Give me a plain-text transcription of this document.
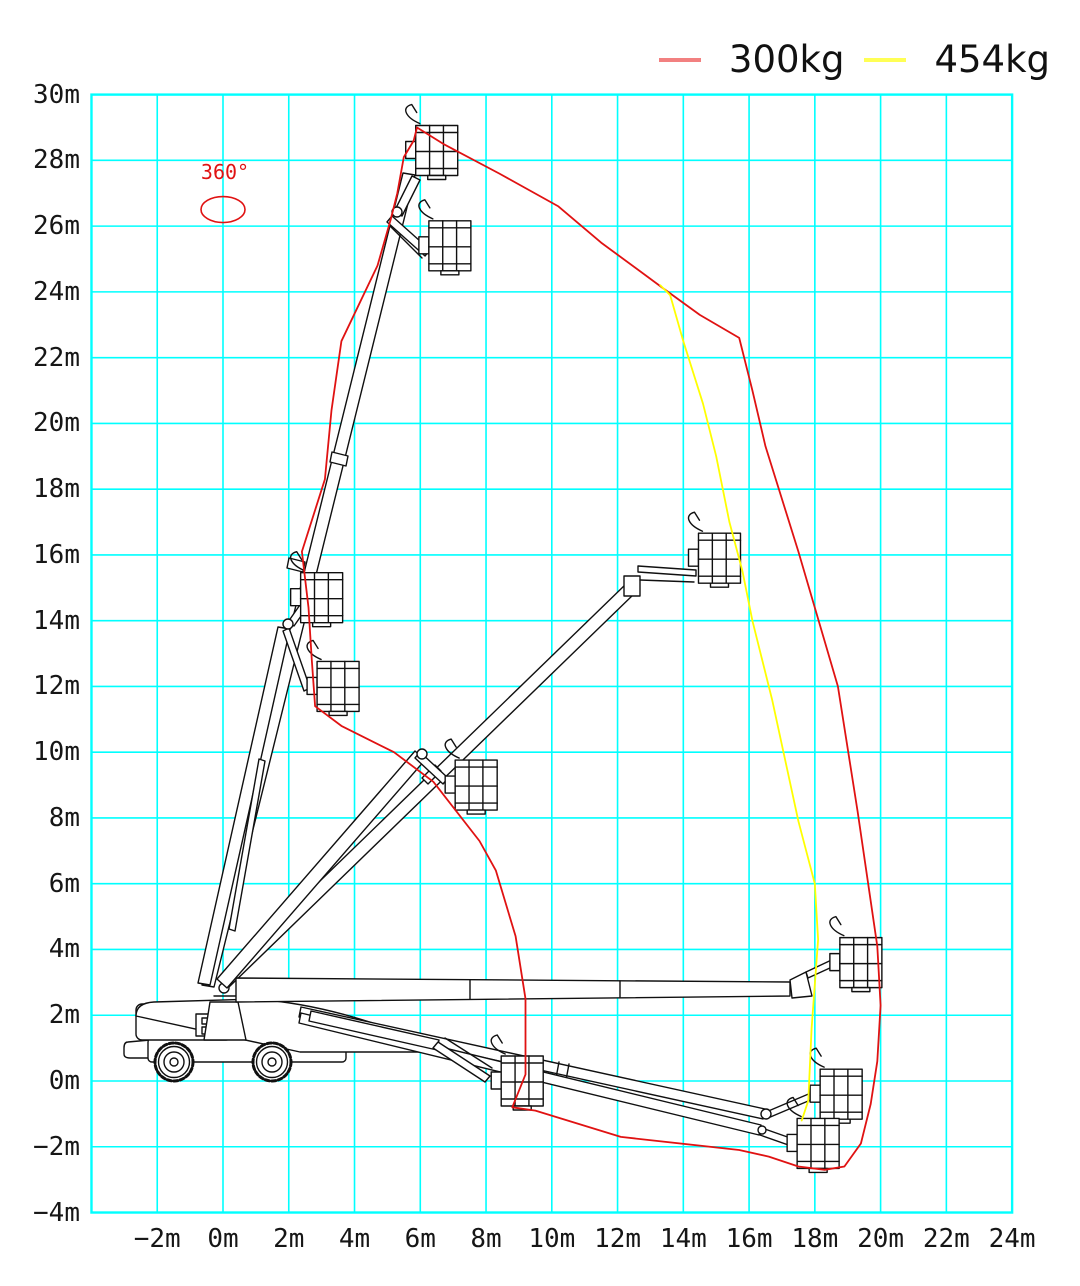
360°
300kg 454kg
30m
28m
26m
24m
22m
20m
18m
16m
14m
12m
10m
8m
6m
4m
2m
0m
−2m
−4m
−2m	0m	2m	4m	6m	8m	10m 12m 14m 16m 18m 20m 22m 24m
